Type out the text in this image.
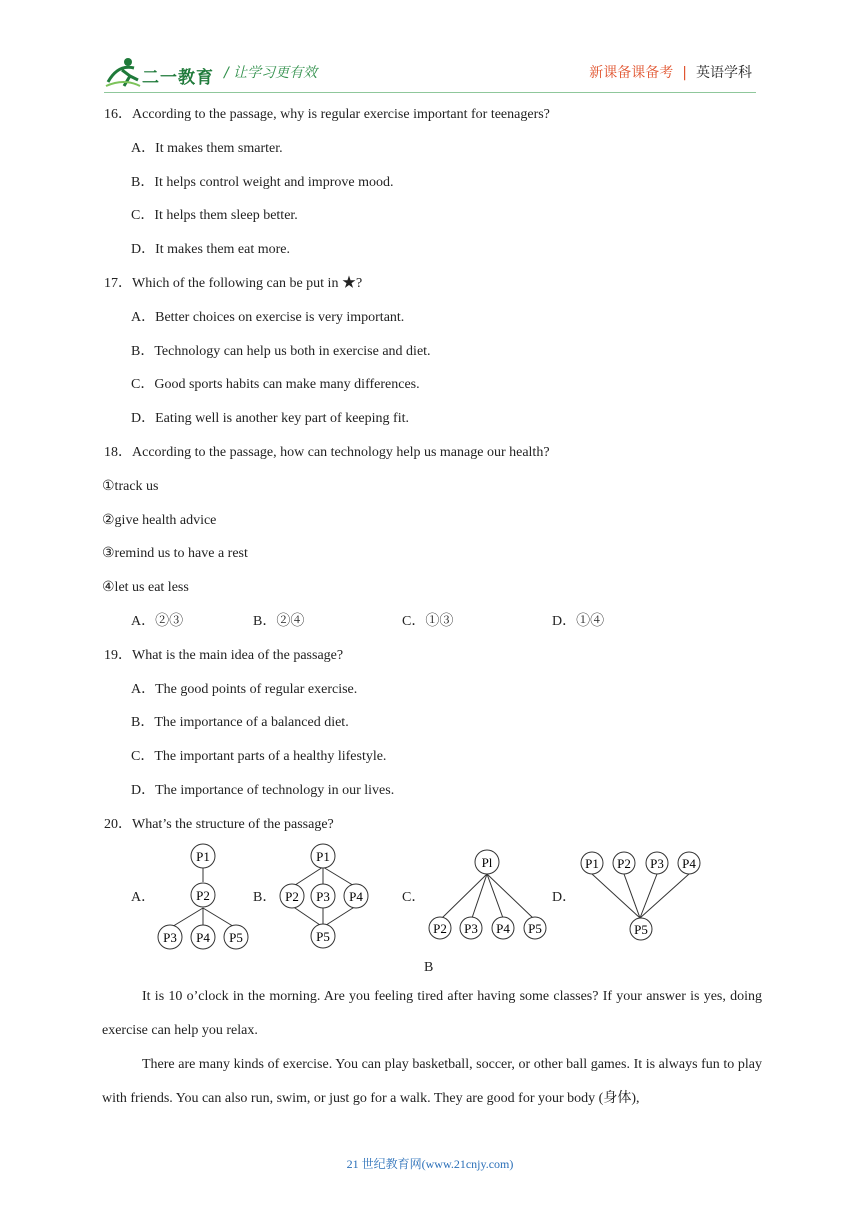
二一教育 / 让学习更有效	新课备课备考 | 英语学科
16．According to the passage, why is regular exercise important for teenagers?
A．It makes them smarter.
B．It helps control weight and improve mood.
C．It helps them sleep better.
D．It makes them eat more.
17．Which of the following can be put in ★?
A．Better choices on exercise is very important.
B．Technology can help us both in exercise and diet.
C．Good sports habits can make many differences.
D．Eating well is another key part of keeping fit.
18．According to the passage, how can technology help us manage our health?
①track us
②give health advice
③remind us to have a rest
④let us eat less
A．②③	B．②④	C．①③	D．①④
19．What is the main idea of the passage?
A．The good points of regular exercise.
B．The importance of a balanced diet.
C．The important parts of a healthy lifestyle.
D．The importance of technology in our lives.
20．What’s the structure of the passage?
A．	B．	C．	D．
P1
P2
P3 P4 P5
P1
P2 P3 P4
P5
Pl
P2 P3 P4 P5
P1 P2 P3 P4
P5
B
It is 10 o’clock in the morning. Are you feeling tired after having some classes? If your answer is yes, doing exercise can help you relax.
There are many kinds of exercise. You can play basketball, soccer, or other ball games. It is always fun to play with friends. You can also run, swim, or just go for a walk. They are good for your body (身体),
21 世纪教育网(www.21cnjy.com)
